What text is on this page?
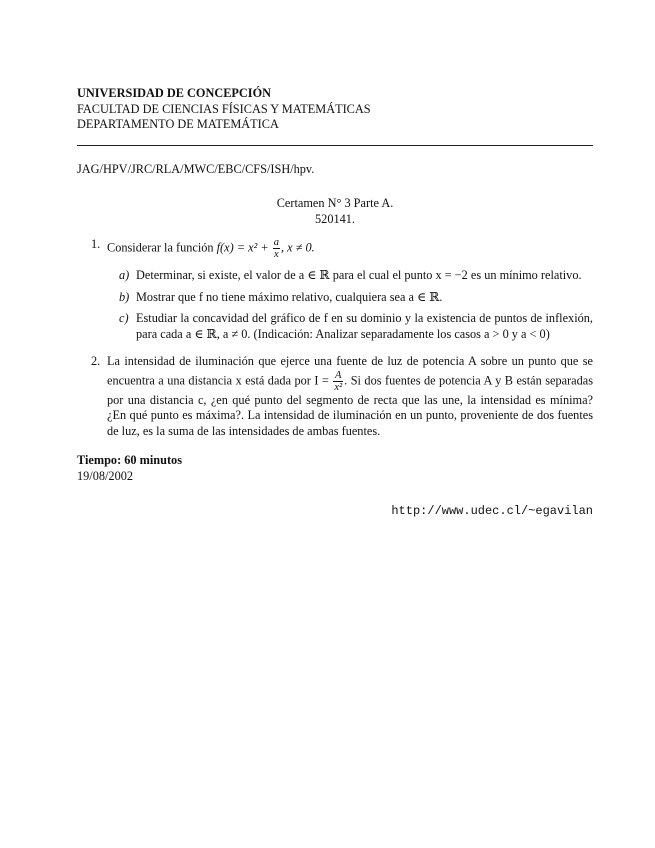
UNIVERSIDAD DE CONCEPCIÓN
FACULTAD DE CIENCIAS FÍSICAS Y MATEMÁTICAS
DEPARTAMENTO DE MATEMÁTICA
JAG/HPV/JRC/RLA/MWC/EBC/CFS/ISH/hpv.
Certamen N° 3 Parte A.
520141.
1. Considerar la función $f(x) = x^2 + \frac{a}{x}$ , x ≠ 0.
a) Determinar, si existe, el valor de a ∈ ℝ para el cual el punto x = −2 es un mínimo relativo.
b) Mostrar que f no tiene máximo relativo, cualquiera sea a ∈ ℝ.
c) Estudiar la concavidad del gráfico de f en su dominio y la existencia de puntos de inflexión, para cada a ∈ ℝ, a ≠ 0. (Indicación: Analizar separadamente los casos a > 0 y a < 0)
2. La intensidad de iluminación que ejerce una fuente de luz de potencia A sobre un punto que se encuentra a una distancia x está dada por $I = \frac{A}{\text{x²}}$ . Si dos fuentes de potencia A y B están separadas por una distancia c, ¿en qué punto del segmento de recta que las une, la intensidad es mínima? ¿En qué punto es máxima?. La intensidad de iluminación en un punto, proveniente de dos fuentes de luz, es la suma de las intensidades de ambas fuentes.
Tiempo: 60 minutos
19/08/2002
http://www.udec.cl/~egavilan
